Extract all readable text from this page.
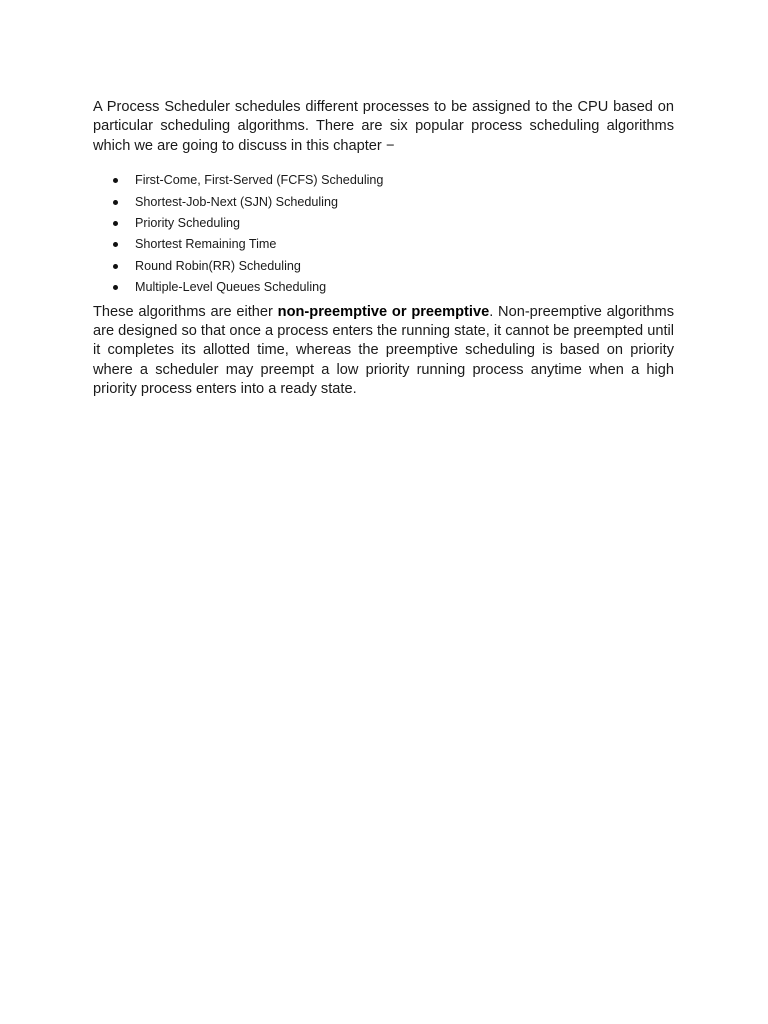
A Process Scheduler schedules different processes to be assigned to the CPU based on particular scheduling algorithms. There are six popular process scheduling algorithms which we are going to discuss in this chapter −

First-Come, First-Served (FCFS) Scheduling
Shortest-Job-Next (SJN) Scheduling
Priority Scheduling
Shortest Remaining Time
Round Robin(RR) Scheduling
Multiple-Level Queues Scheduling

These algorithms are either non-preemptive or preemptive. Non-preemptive algorithms are designed so that once a process enters the running state, it cannot be preempted until it completes its allotted time, whereas the preemptive scheduling is based on priority where a scheduler may preempt a low priority running process anytime when a high priority process enters into a ready state.
